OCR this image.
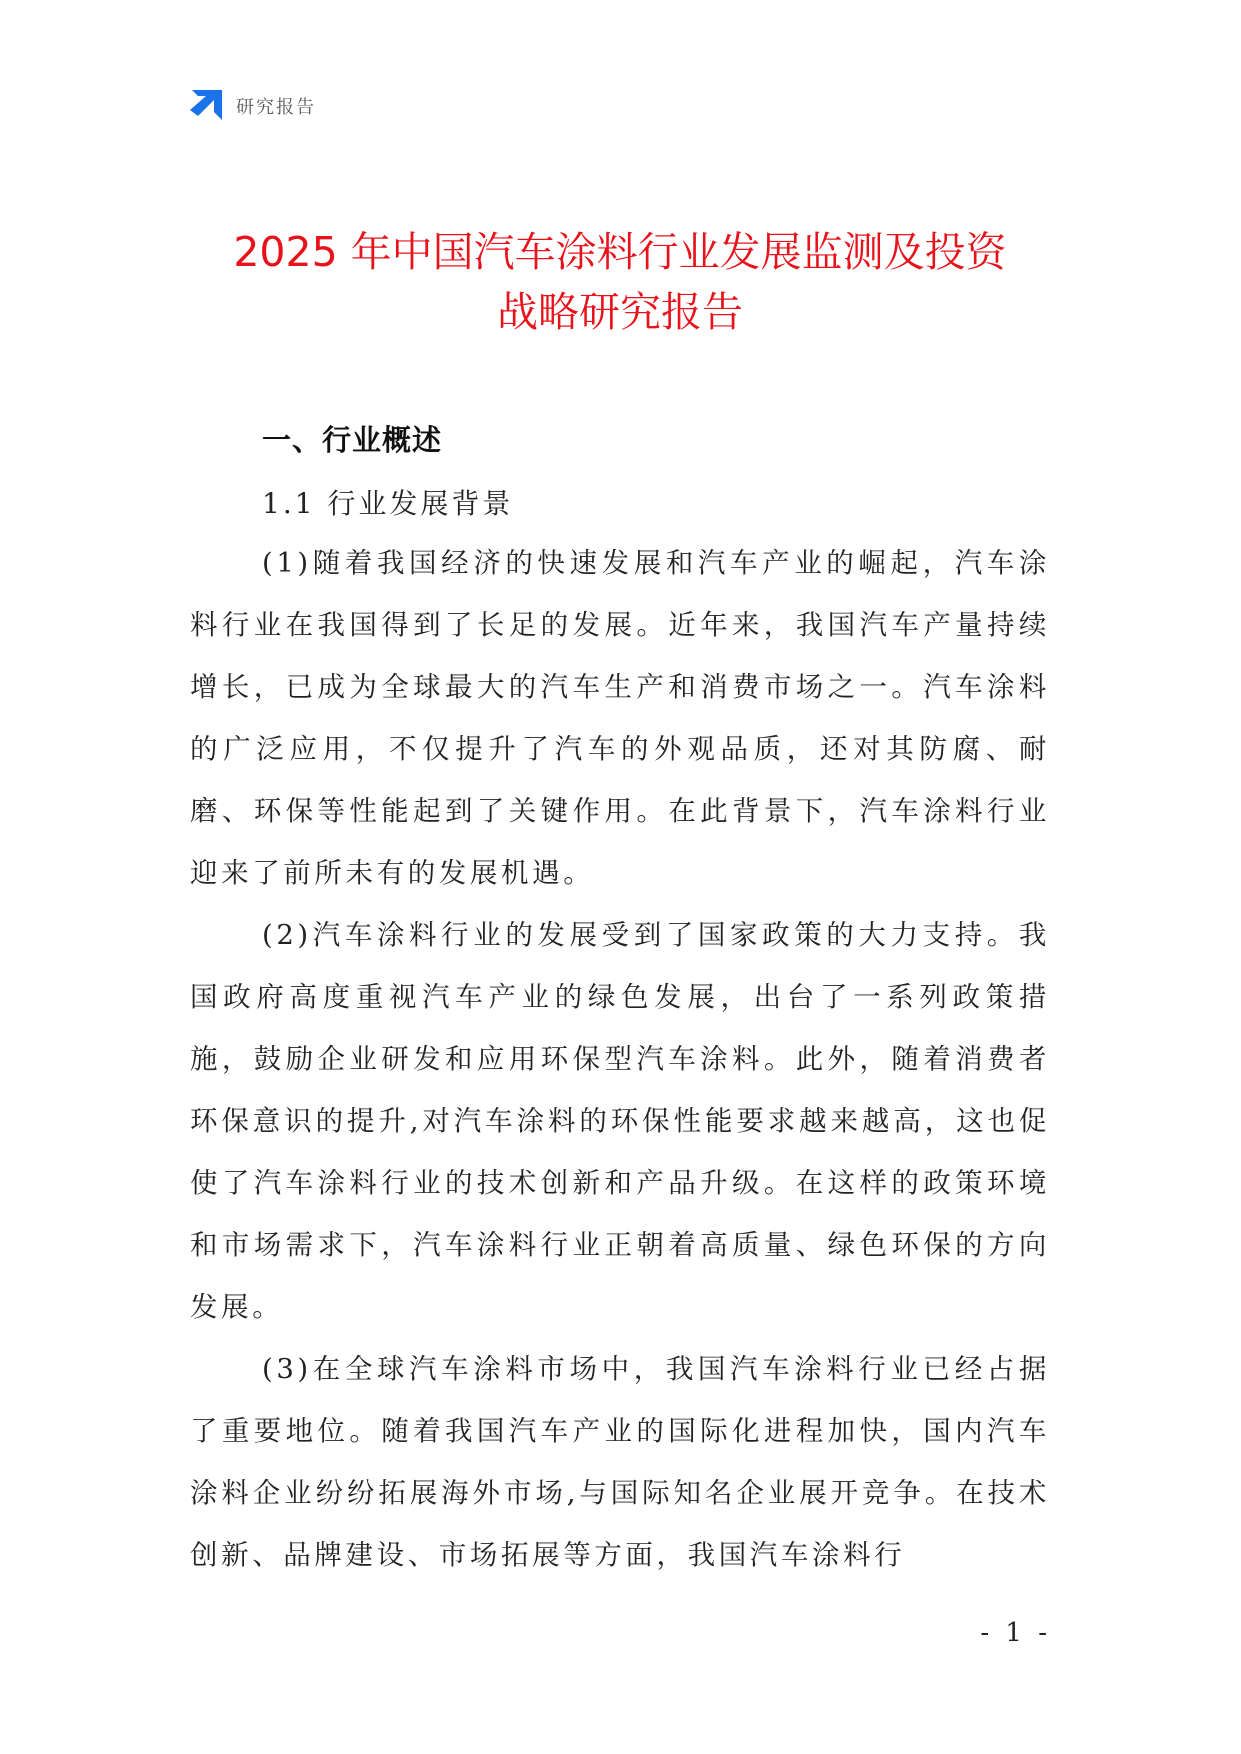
研究报告
2025 年中国汽车涂料行业发展监测及投资
战略研究报告
一、行业概述
1.1 行业发展背景

(1)随着我国经济的快速发展和汽车产业的崛起，汽车涂料行业在我国得到了长足的发展。近年来，我国汽车产量持续增长，已成为全球最大的汽车生产和消费市场之一。汽车涂料的广泛应用，不仅提升了汽车的外观品质，还对其防腐、耐磨、环保等性能起到了关键作用。在此背景下，汽车涂料行业迎来了前所未有的发展机遇。

(2)汽车涂料行业的发展受到了国家政策的大力支持。我国政府高度重视汽车产业的绿色发展，出台了一系列政策措施，鼓励企业研发和应用环保型汽车涂料。此外，随着消费者环保意识的提升,对汽车涂料的环保性能要求越来越高，这也促使了汽车涂料行业的技术创新和产品升级。在这样的政策环境和市场需求下，汽车涂料行业正朝着高质量、绿色环保的方向发展。

(3)在全球汽车涂料市场中，我国汽车涂料行业已经占据了重要地位。随着我国汽车产业的国际化进程加快，国内汽车涂料企业纷纷拓展海外市场,与国际知名企业展开竞争。在技术创新、品牌建设、市场拓展等方面，我国汽车涂料行

- 1 -
